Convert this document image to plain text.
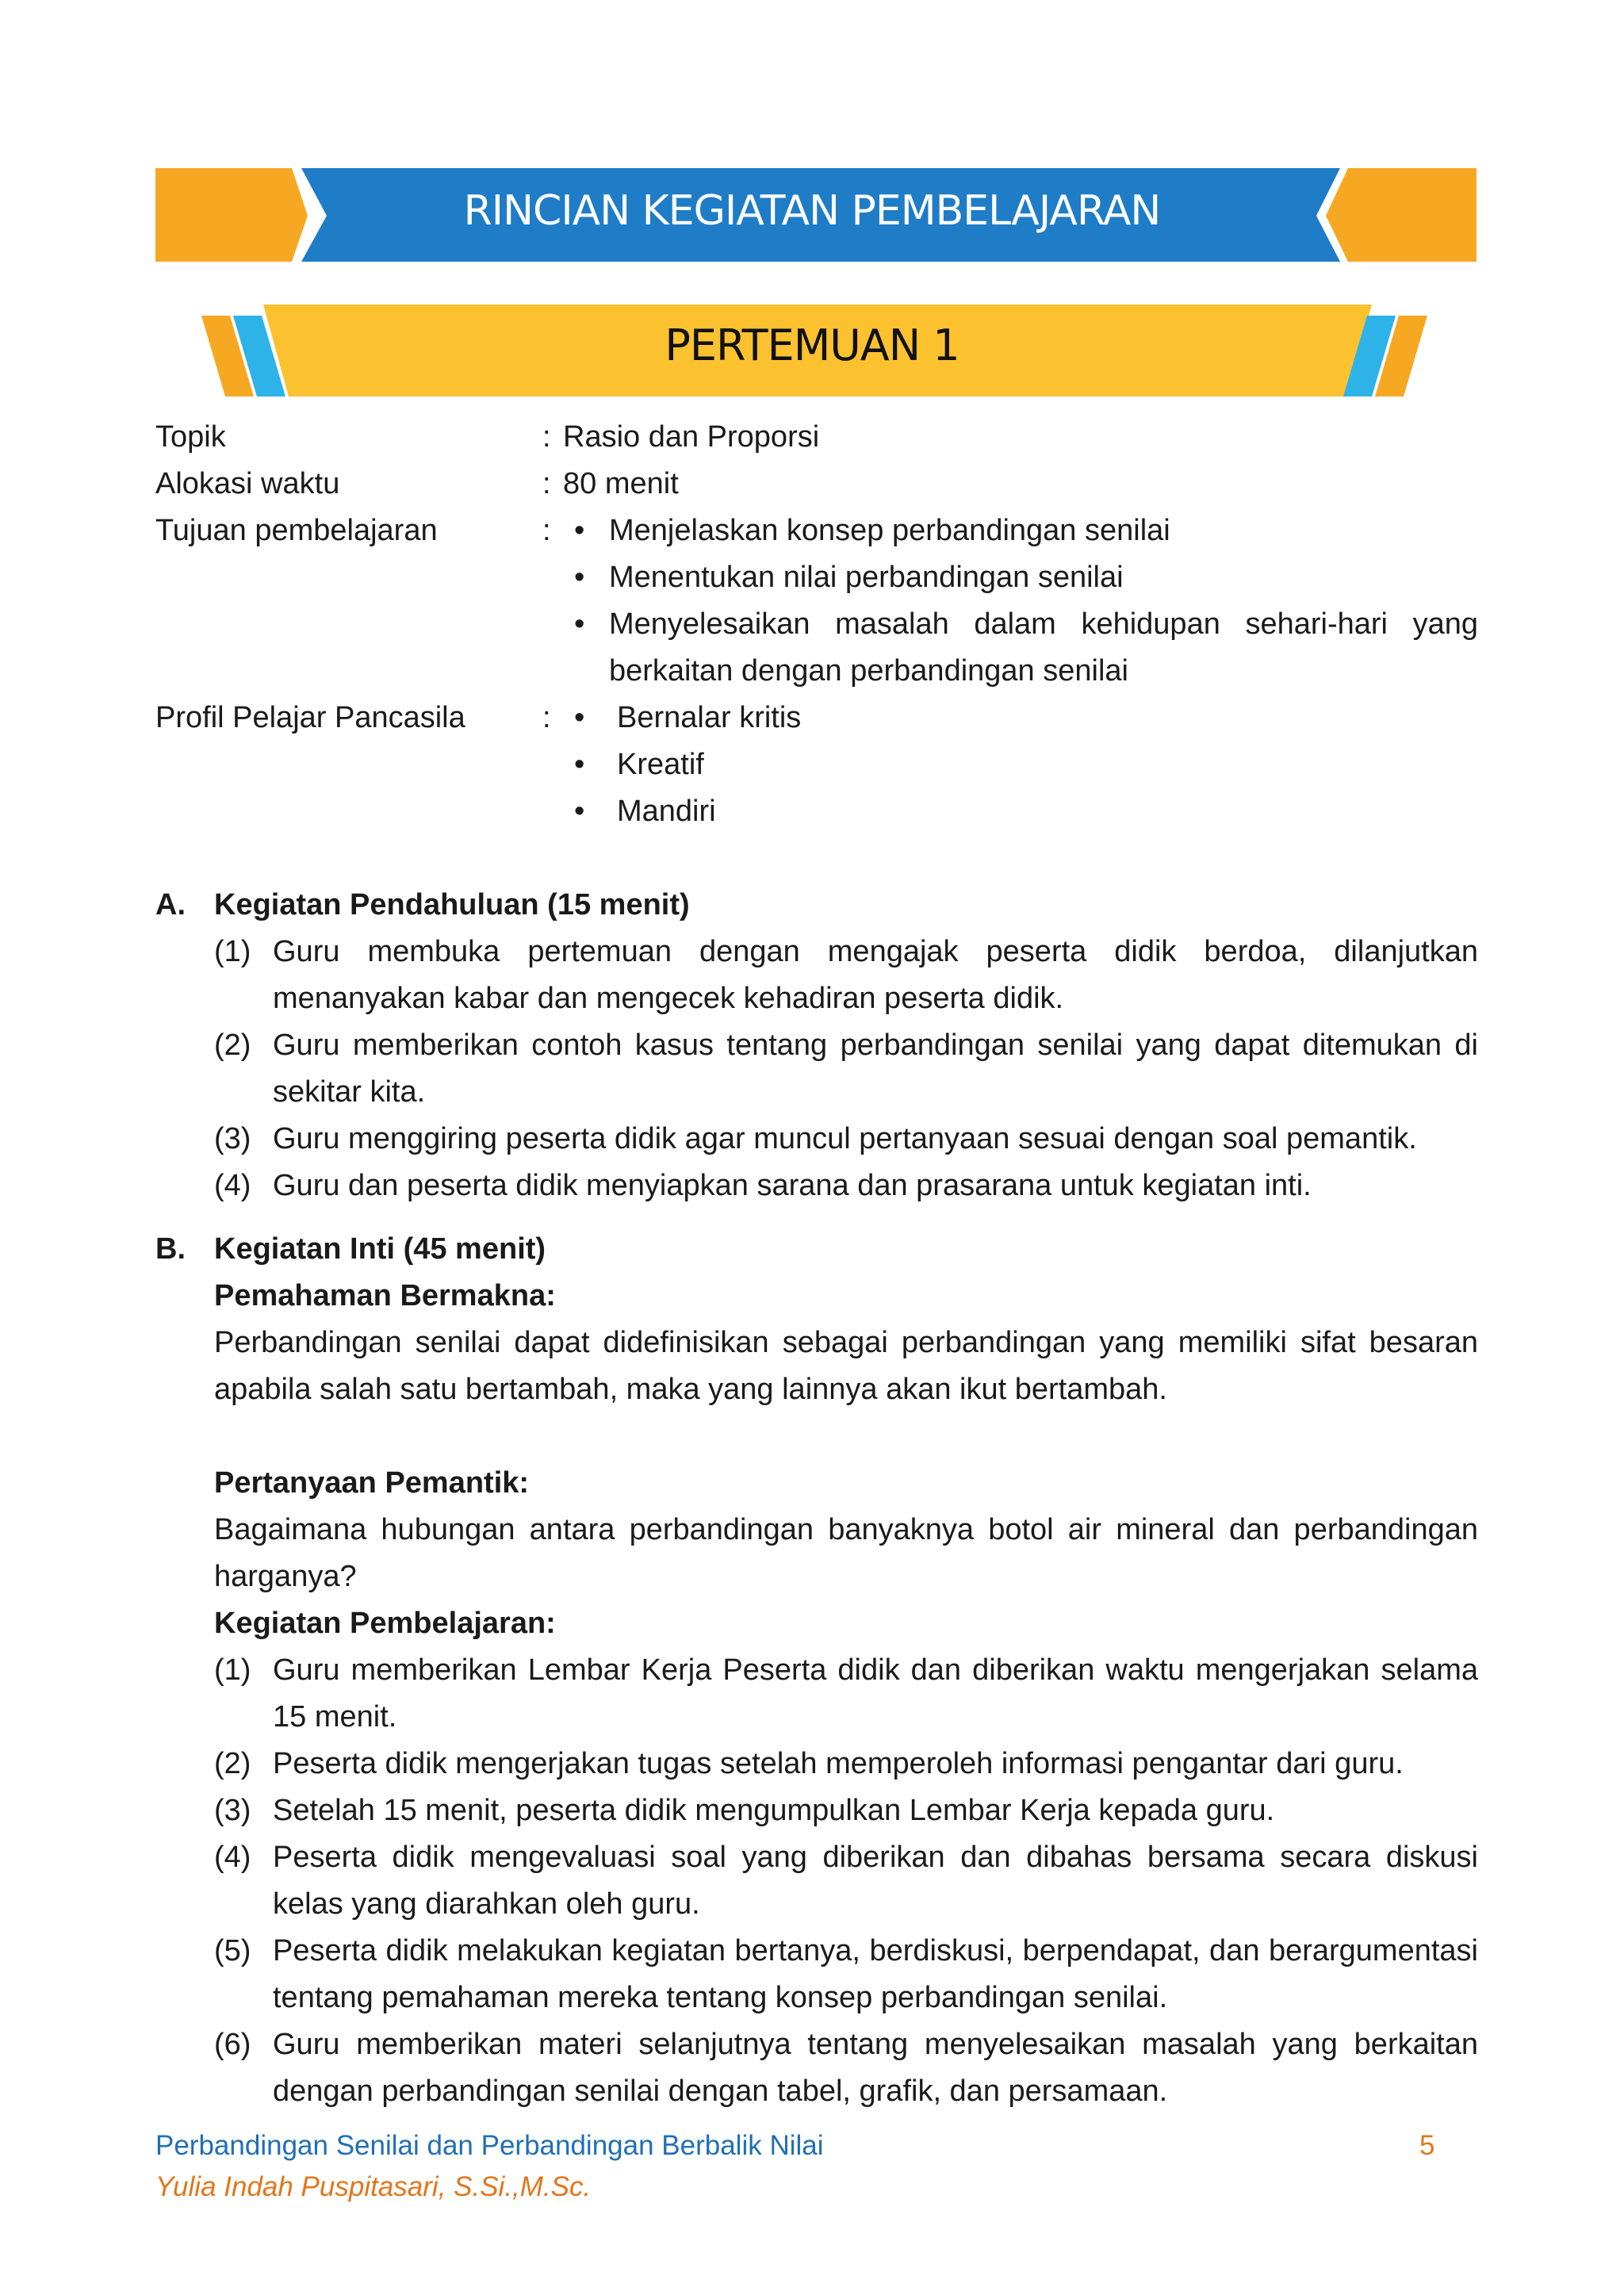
RINCIAN KEGIATAN PEMBELAJARAN
PERTEMUAN 1
Topik	: Rasio dan Proporsi
Alokasi waktu	: 80 menit
Tujuan pembelajaran	:	• Menjelaskan konsep perbandingan senilai
• Menentukan nilai perbandingan senilai
• Menyelesaikan masalah dalam kehidupan sehari-hari yang berkaitan dengan perbandingan senilai
Profil Pelajar Pancasila	:	• Bernalar kritis
• Kreatif
• Mandiri
A. Kegiatan Pendahuluan (15 menit)
(1) Guru membuka pertemuan dengan mengajak peserta didik berdoa, dilanjutkan menanyakan kabar dan mengecek kehadiran peserta didik.
(2) Guru memberikan contoh kasus tentang perbandingan senilai yang dapat ditemukan di sekitar kita.
(3) Guru menggiring peserta didik agar muncul pertanyaan sesuai dengan soal pemantik.
(4) Guru dan peserta didik menyiapkan sarana dan prasarana untuk kegiatan inti.
B. Kegiatan Inti (45 menit)
Pemahaman Bermakna:
Perbandingan senilai dapat didefinisikan sebagai perbandingan yang memiliki sifat besaran apabila salah satu bertambah, maka yang lainnya akan ikut bertambah.
Pertanyaan Pemantik:
Bagaimana hubungan antara perbandingan banyaknya botol air mineral dan perbandingan harganya?
Kegiatan Pembelajaran:
(1) Guru memberikan Lembar Kerja Peserta didik dan diberikan waktu mengerjakan selama 15 menit.
(2) Peserta didik mengerjakan tugas setelah memperoleh informasi pengantar dari guru.
(3) Setelah 15 menit, peserta didik mengumpulkan Lembar Kerja kepada guru.
(4) Peserta didik mengevaluasi soal yang diberikan dan dibahas bersama secara diskusi kelas yang diarahkan oleh guru.
(5) Peserta didik melakukan kegiatan bertanya, berdiskusi, berpendapat, dan berargumentasi tentang pemahaman mereka tentang konsep perbandingan senilai.
(6) Guru memberikan materi selanjutnya tentang menyelesaikan masalah yang berkaitan dengan perbandingan senilai dengan tabel, grafik, dan persamaan.
Perbandingan Senilai dan Perbandingan Berbalik Nilai	5
Yulia Indah Puspitasari, S.Si.,M.Sc.
